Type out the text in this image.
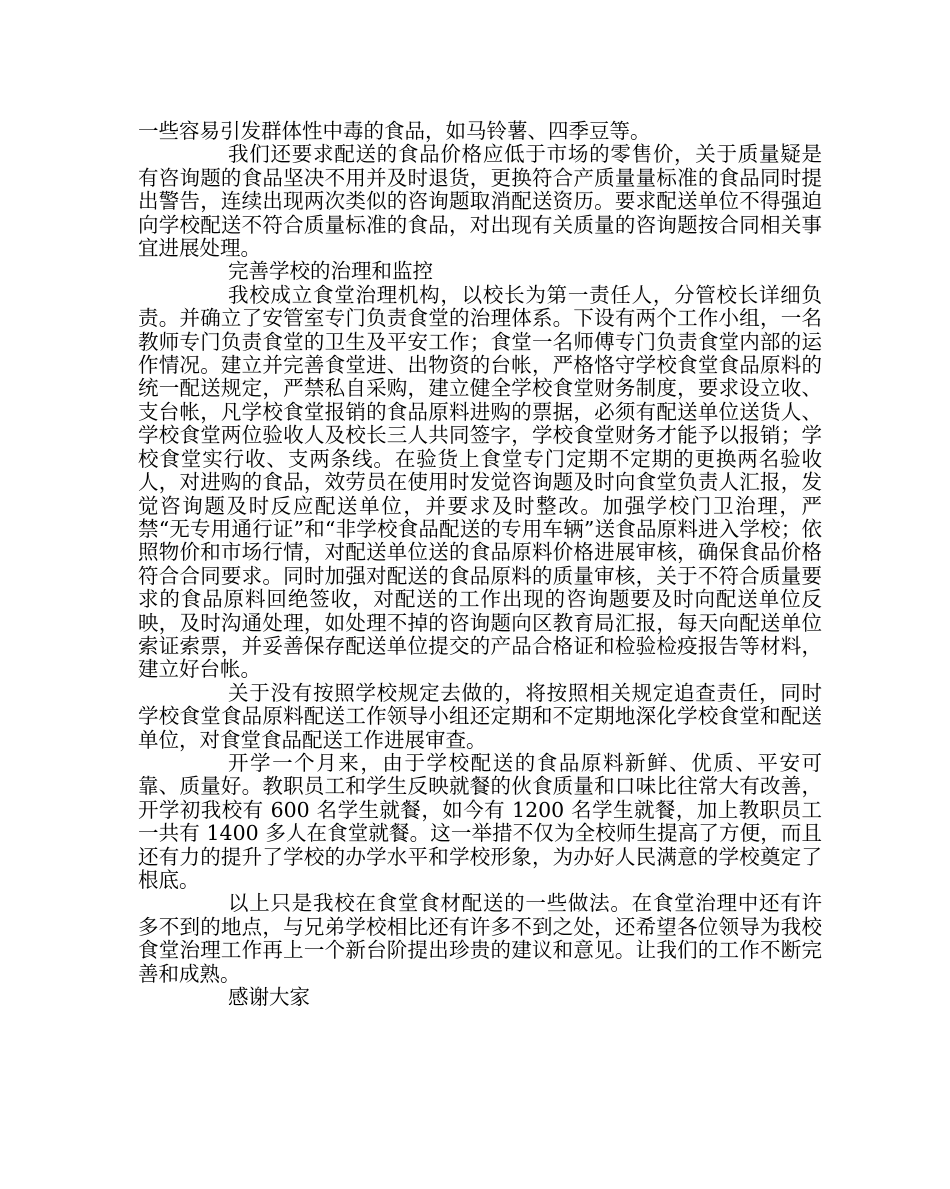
一些容易引发群体性中毒的食品，如马铃薯、四季豆等。

我们还要求配送的食品价格应低于市场的零售价，关于质量疑是有咨询题的食品坚决不用并及时退货，更换符合产质量量标准的食品同时提出警告，连续出现两次类似的咨询题取消配送资历。要求配送单位不得强迫向学校配送不符合质量标准的食品，对出现有关质量的咨询题按合同相关事宜进展处理。

完善学校的治理和监控

我校成立食堂治理机构，以校长为第一责任人，分管校长详细负责。并确立了安管室专门负责食堂的治理体系。下设有两个工作小组，一名教师专门负责食堂的卫生及平安工作；食堂一名师傅专门负责食堂内部的运作情况。建立并完善食堂进、出物资的台帐，严格恪守学校食堂食品原料的统一配送规定，严禁私自采购，建立健全学校食堂财务制度，要求设立收、支台帐，凡学校食堂报销的食品原料进购的票据，必须有配送单位送货人、学校食堂两位验收人及校长三人共同签字，学校食堂财务才能予以报销；学校食堂实行收、支两条线。在验货上食堂专门定期不定期的更换两名验收人，对进购的食品，效劳员在使用时发觉咨询题及时向食堂负责人汇报，发觉咨询题及时反应配送单位，并要求及时整改。加强学校门卫治理，严禁“无专用通行证”和“非学校食品配送的专用车辆”送食品原料进入学校；依照物价和市场行情，对配送单位送的食品原料价格进展审核，确保食品价格符合合同要求。同时加强对配送的食品原料的质量审核，关于不符合质量要求的食品原料回绝签收，对配送的工作出现的咨询题要及时向配送单位反映，及时沟通处理，如处理不掉的咨询题向区教育局汇报，每天向配送单位索证索票，并妥善保存配送单位提交的产品合格证和检验检疫报告等材料，建立好台帐。

关于没有按照学校规定去做的，将按照相关规定追查责任，同时学校食堂食品原料配送工作领导小组还定期和不定期地深化学校食堂和配送单位，对食堂食品配送工作进展审查。

开学一个月来，由于学校配送的食品原料新鲜、优质、平安可靠、质量好。教职员工和学生反映就餐的伙食质量和口味比往常大有改善，开学初我校有 600 名学生就餐，如今有 1200 名学生就餐，加上教职员工一共有 1400 多人在食堂就餐。这一举措不仅为全校师生提高了方便，而且还有力的提升了学校的办学水平和学校形象，为办好人民满意的学校奠定了根底。

以上只是我校在食堂食材配送的一些做法。在食堂治理中还有许多不到的地点，与兄弟学校相比还有许多不到之处，还希望各位领导为我校食堂治理工作再上一个新台阶提出珍贵的建议和意见。让我们的工作不断完善和成熟。

感谢大家
